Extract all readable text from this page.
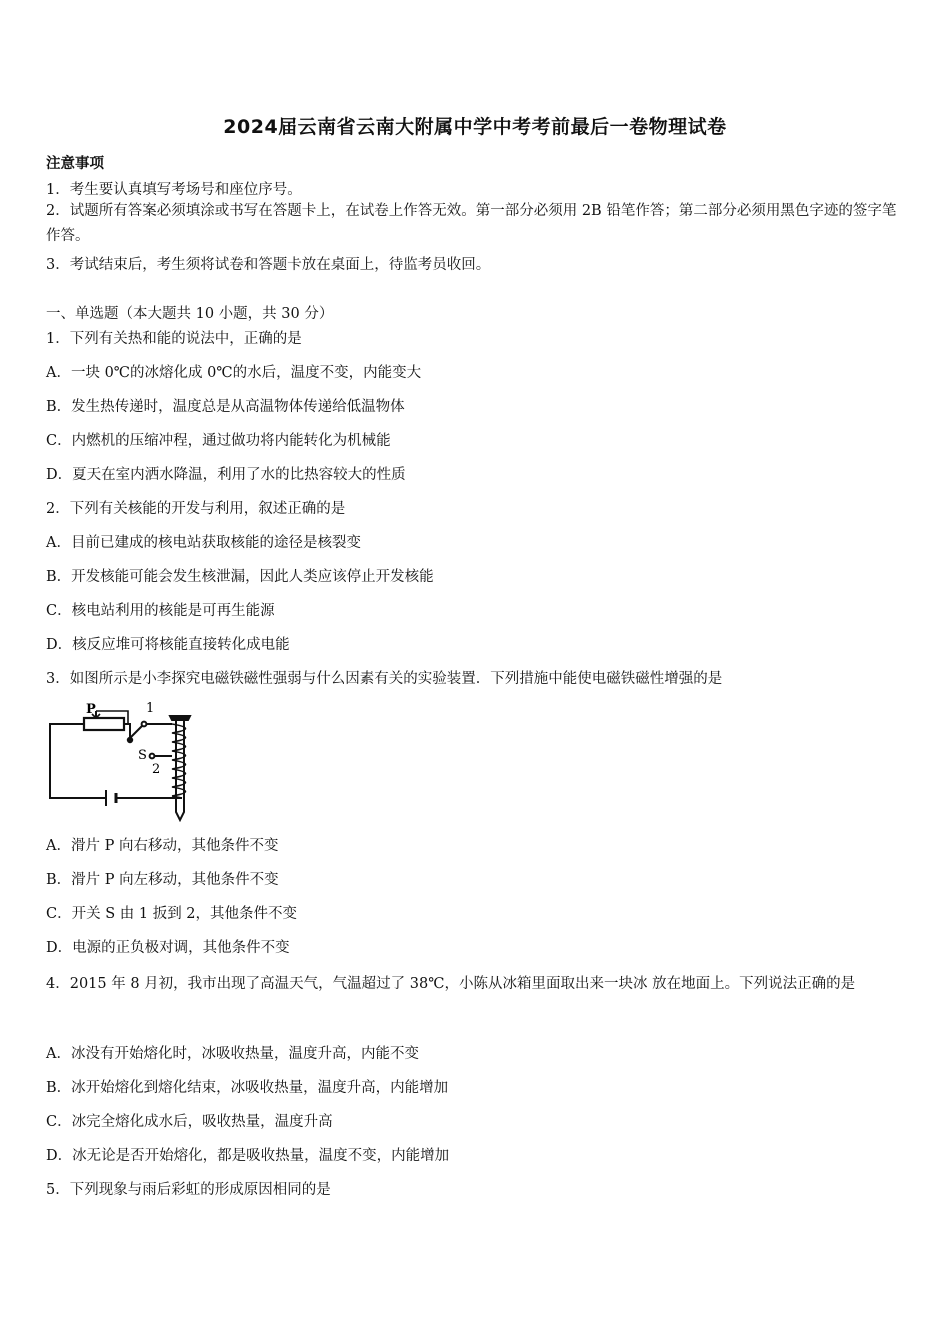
2024届云南省云南大附属中学中考考前最后一卷物理试卷
注意事项
1．考生要认真填写考场号和座位序号。
2．试题所有答案必须填涂或书写在答题卡上，在试卷上作答无效。第一部分必须用 2B 铅笔作答；第二部分必须用黑色字迹的签字笔作答。
3．考试结束后，考生须将试卷和答题卡放在桌面上，待监考员收回。
一、单选题（本大题共 10 小题，共 30 分）
1．下列有关热和能的说法中，正确的是
A．一块 0℃的冰熔化成 0℃的水后，温度不变，内能变大
B．发生热传递时，温度总是从高温物体传递给低温物体
C．内燃机的压缩冲程，通过做功将内能转化为机械能
D．夏天在室内洒水降温，利用了水的比热容较大的性质
2．下列有关核能的开发与利用，叙述正确的是
A．目前已建成的核电站获取核能的途径是核裂变
B．开发核能可能会发生核泄漏，因此人类应该停止开发核能
C．核电站利用的核能是可再生能源
D．核反应堆可将核能直接转化成电能
3．如图所示是小李探究电磁铁磁性强弱与什么因素有关的实验装置．下列措施中能使电磁铁磁性增强的是
P	1
S
2
A．滑片 P 向右移动，其他条件不变
B．滑片 P 向左移动，其他条件不变
C．开关 S 由 1 扳到 2，其他条件不变
D．电源的正负极对调，其他条件不变
4．2015 年 8 月初，我市出现了高温天气，气温超过了 38℃，小陈从冰箱里面取出来一块冰 放在地面上。下列说法正确的是
A．冰没有开始熔化时，冰吸收热量，温度升高，内能不变
B．冰开始熔化到熔化结束，冰吸收热量，温度升高，内能增加
C．冰完全熔化成水后，吸收热量，温度升高
D．冰无论是否开始熔化，都是吸收热量，温度不变，内能增加
5．下列现象与雨后彩虹的形成原因相同的是
